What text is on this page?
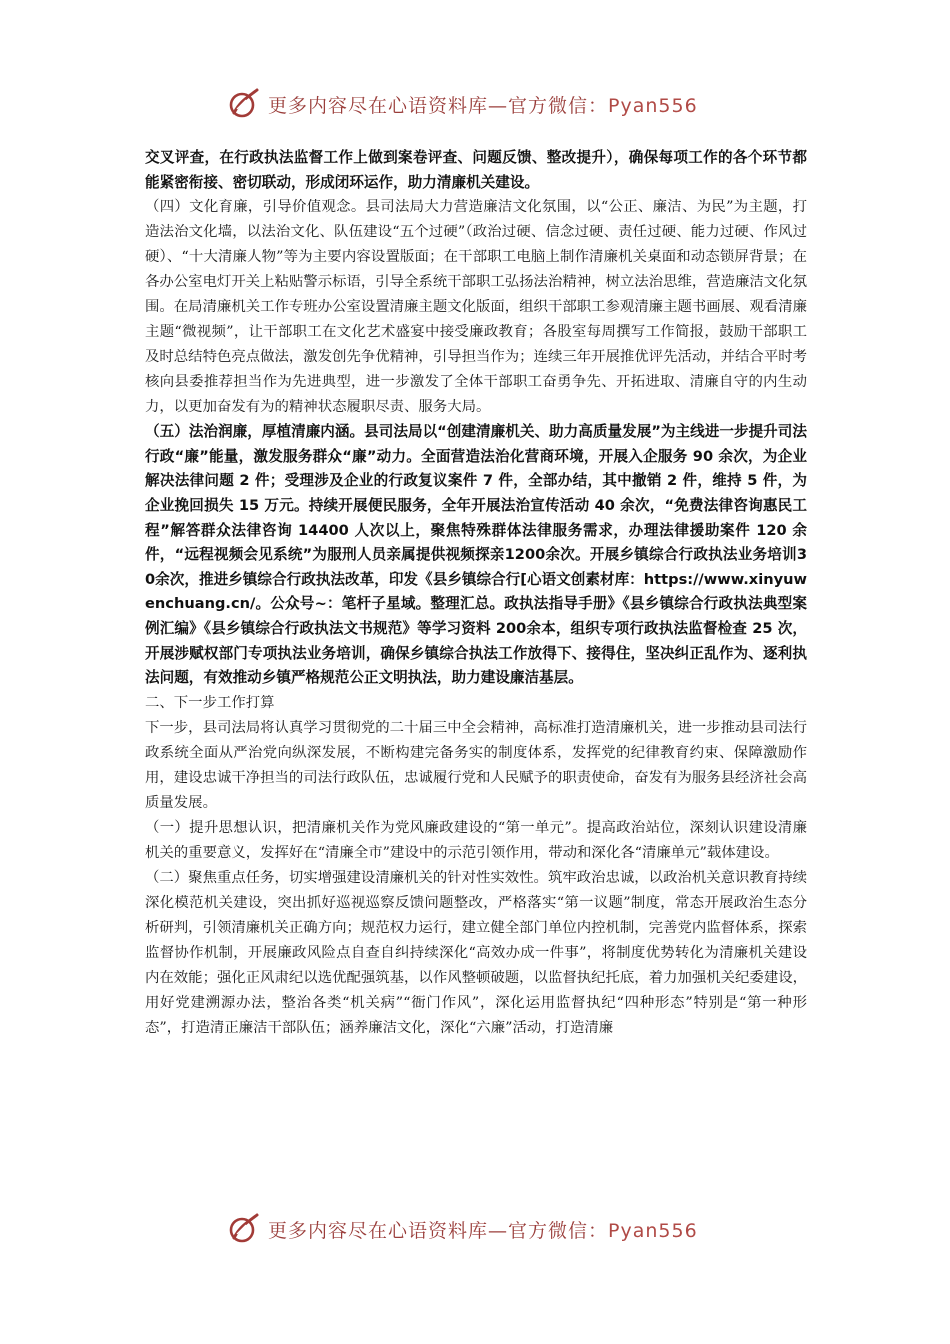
更多内容尽在心语资料库—官方微信：Pyan556

交叉评查，在行政执法监督工作上做到案卷评查、问题反馈、整改提升），确保每项工作的各个环节都能紧密衔接、密切联动，形成闭环运作，助力清廉机关建设。

（四）文化育廉，引导价值观念。县司法局大力营造廉洁文化氛围，以“公正、廉洁、为民”为主题，打造法治文化墙，以法治文化、队伍建设“五个过硬”（政治过硬、信念过硬、责任过硬、能力过硬、作风过硬）、“十大清廉人物”等为主要内容设置版面；在干部职工电脑上制作清廉机关桌面和动态锁屏背景；在各办公室电灯开关上粘贴警示标语，引导全系统干部职工弘扬法治精神，树立法治思维，营造廉洁文化氛围。在局清廉机关工作专班办公室设置清廉主题文化版面，组织干部职工参观清廉主题书画展、观看清廉主题“微视频”，让干部职工在文化艺术盛宴中接受廉政教育；各股室每周撰写工作简报，鼓励干部职工及时总结特色亮点做法，激发创先争优精神，引导担当作为；连续三年开展推优评先活动，并结合平时考核向县委推荐担当作为先进典型，进一步激发了全体干部职工奋勇争先、开拓进取、清廉自守的内生动力，以更加奋发有为的精神状态履职尽责、服务大局。

（五）法治润廉，厚植清廉内涵。县司法局以“创建清廉机关、助力高质量发展”为主线进一步提升司法行政“廉”能量，激发服务群众“廉”动力。全面营造法治化营商环境，开展入企服务 90 余次，为企业解决法律问题 2 件；受理涉及企业的行政复议案件 7 件，全部办结，其中撤销 2 件，维持 5 件，为企业挽回损失 15 万元。持续开展便民服务，全年开展法治宣传活动 40 余次，“免费法律咨询惠民工程”解答群众法律咨询 14400 人次以上，聚焦特殊群体法律服务需求，办理法律援助案件 120 余件，“远程视频会见系统”为服刑人员亲属提供视频探亲1200余次。开展乡镇综合行政执法业务培训30余次，推进乡镇综合行政执法改革，印发《县乡镇综合行[心语文创素材库：https://www.xinyuwenchuang.cn/。公众号~：笔杆子星域。整理汇总。政执法指导手册》《县乡镇综合行政执法典型案例汇编》《县乡镇综合行政执法文书规范》等学习资料 200余本，组织专项行政执法监督检查 25 次，开展涉赋权部门专项执法业务培训，确保乡镇综合执法工作放得下、接得住，坚决纠正乱作为、逐利执法问题，有效推动乡镇严格规范公正文明执法，助力建设廉洁基层。

二、下一步工作打算

下一步，县司法局将认真学习贯彻党的二十届三中全会精神，高标准打造清廉机关，进一步推动县司法行政系统全面从严治党向纵深发展，不断构建完备务实的制度体系，发挥党的纪律教育约束、保障激励作用，建设忠诚干净担当的司法行政队伍，忠诚履行党和人民赋予的职责使命，奋发有为服务县经济社会高质量发展。

（一）提升思想认识，把清廉机关作为党风廉政建设的“第一单元”。提高政治站位，深刻认识建设清廉机关的重要意义，发挥好在“清廉全市”建设中的示范引领作用，带动和深化各“清廉单元”载体建设。

（二）聚焦重点任务，切实增强建设清廉机关的针对性实效性。筑牢政治忠诚，以政治机关意识教育持续深化模范机关建设，突出抓好巡视巡察反馈问题整改，严格落实“第一议题”制度，常态开展政治生态分析研判，引领清廉机关正确方向；规范权力运行，建立健全部门单位内控机制，完善党内监督体系，探索监督协作机制，开展廉政风险点自查自纠持续深化“高效办成一件事”，将制度优势转化为清廉机关建设内在效能；强化正风肃纪以选优配强筑基，以作风整顿破题，以监督执纪托底，着力加强机关纪委建设，用好党建溯源办法，整治各类“机关病”“衙门作风”，深化运用监督执纪“四种形态”特别是“第一种形态”，打造清正廉洁干部队伍；涵养廉洁文化，深化“六廉”活动，打造清廉

更多内容尽在心语资料库—官方微信：Pyan556
